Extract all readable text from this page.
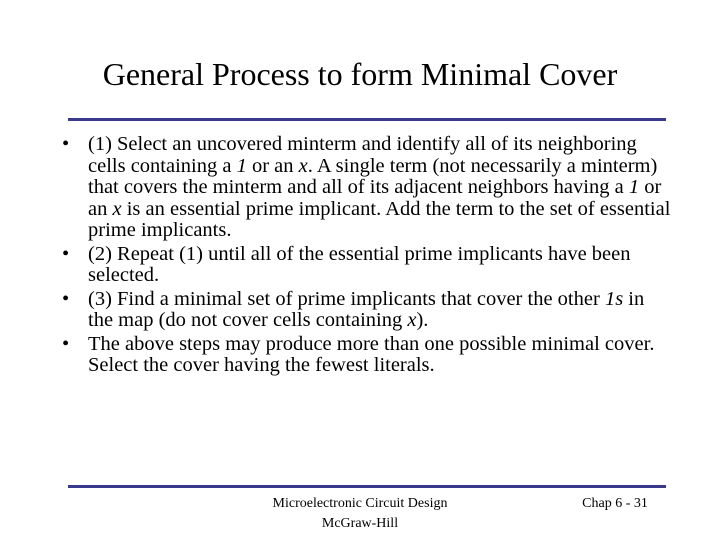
General Process to form Minimal Cover
• (1) Select an uncovered minterm and identify all of its neighboring cells containing a 1 or an x. A single term (not necessarily a minterm) that covers the minterm and all of its adjacent neighbors having a 1 or an x is an essential prime implicant. Add the term to the set of essential prime implicants.
• (2) Repeat (1) until all of the essential prime implicants have been selected.
• (3) Find a minimal set of prime implicants that cover the other 1s in the map (do not cover cells containing x).
• The above steps may produce more than one possible minimal cover. Select the cover having the fewest literals.
Microelectronic Circuit Design
McGraw-Hill
Chap 6 - 31
